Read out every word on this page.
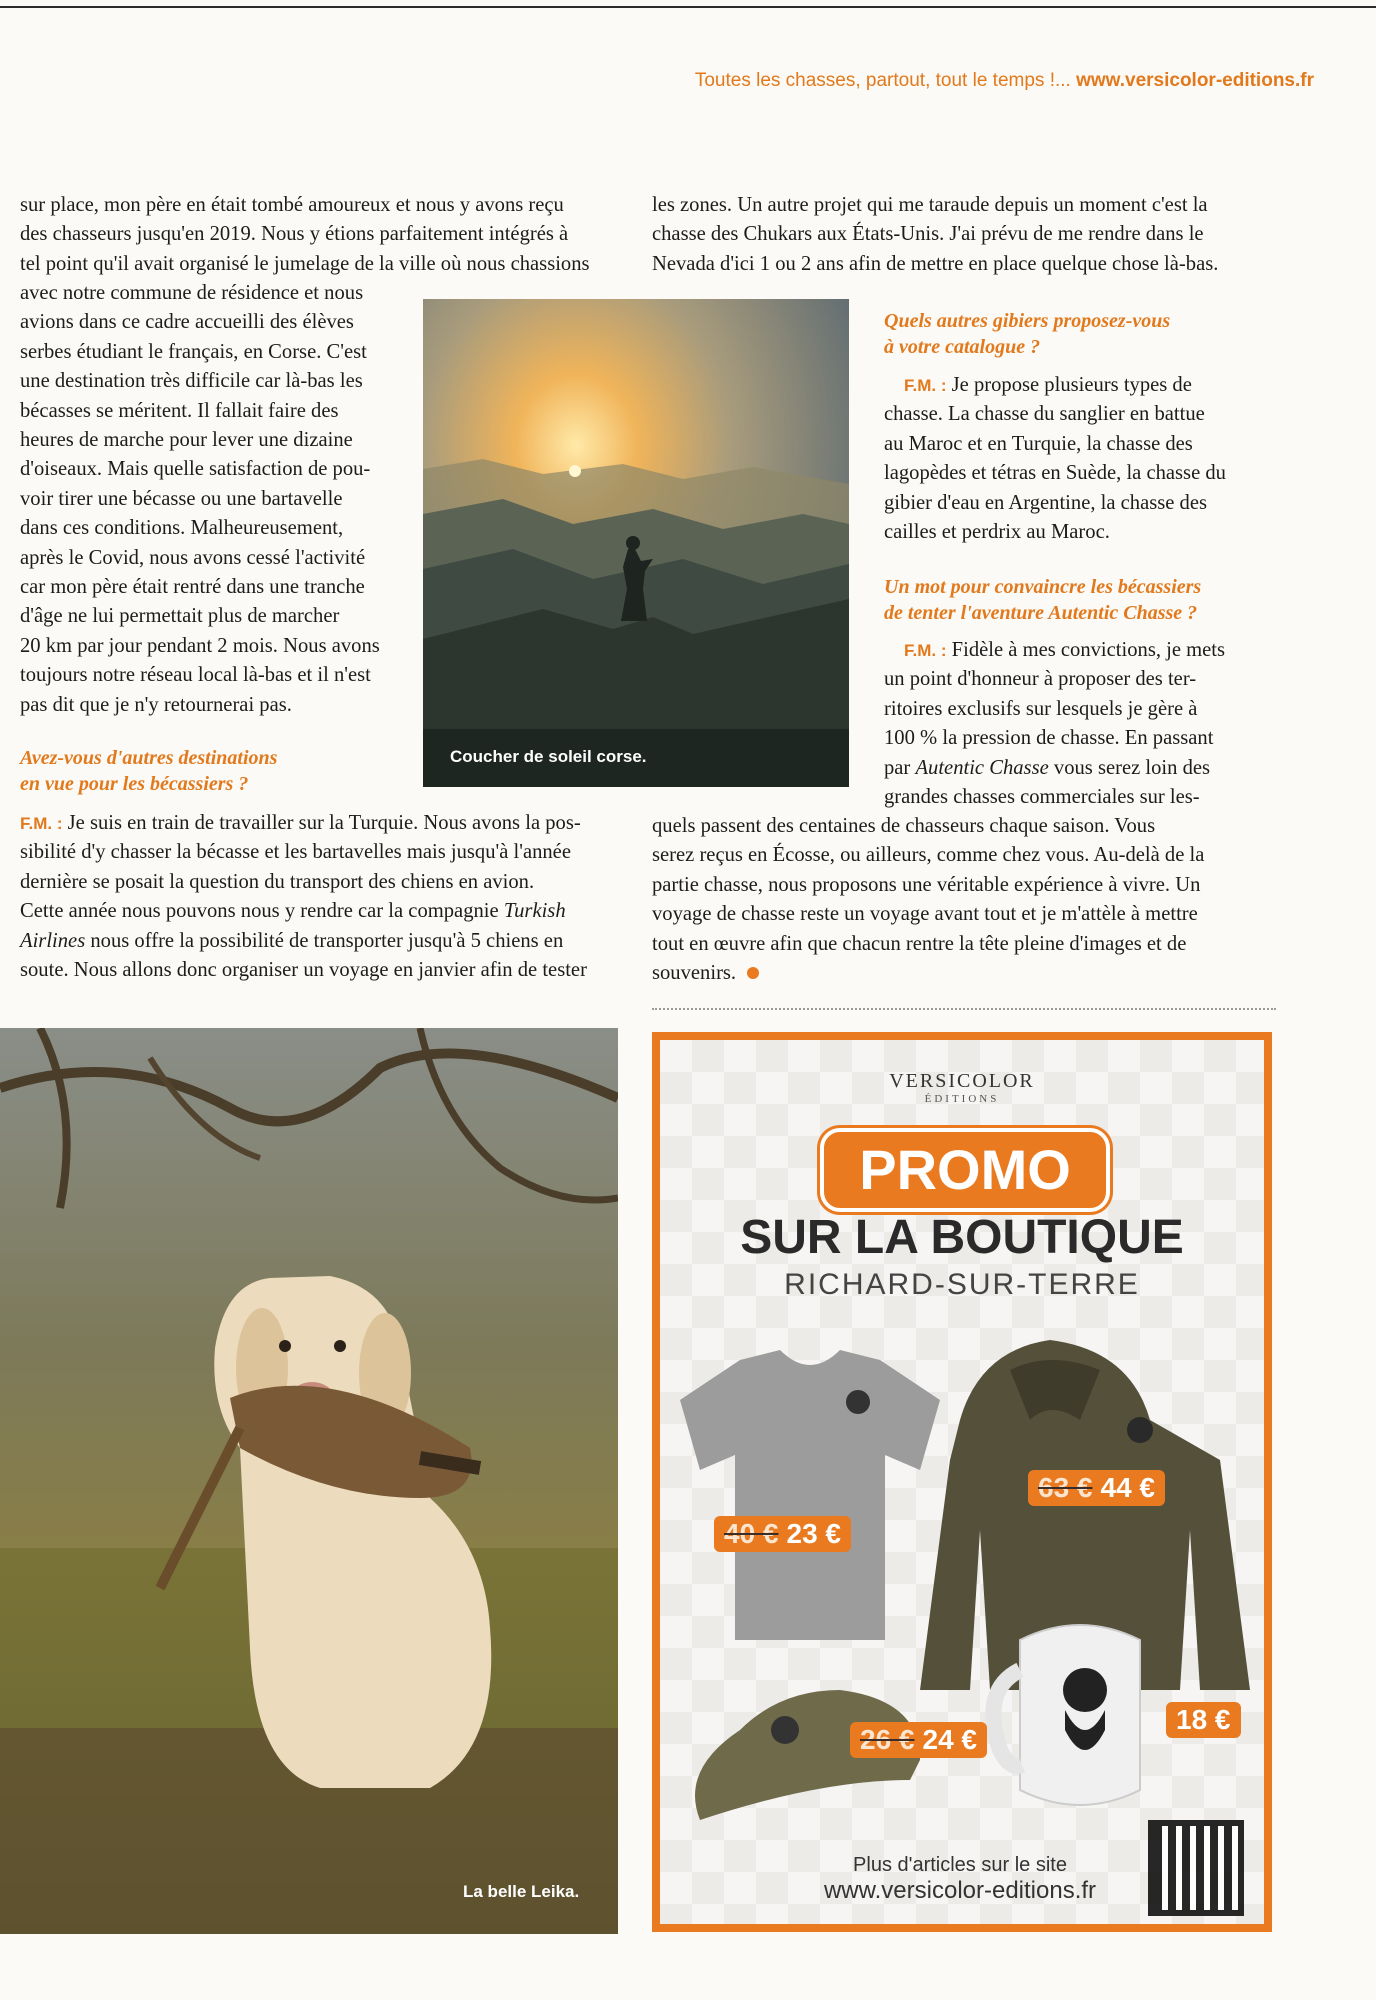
Toutes les chasses, partout, tout le temps !... www.versicolor-editions.fr
sur place, mon père en était tombé amoureux et nous y avons reçu
des chasseurs jusqu'en 2019. Nous y étions parfaitement intégrés à
tel point qu'il avait organisé le jumelage de la ville où nous chassions
avec notre commune de résidence et nous
avions dans ce cadre accueilli des élèves
serbes étudiant le français, en Corse. C'est
une destination très difficile car là-bas les
bécasses se méritent. Il fallait faire des
heures de marche pour lever une dizaine
d'oiseaux. Mais quelle satisfaction de pou-
voir tirer une bécasse ou une bartavelle
dans ces conditions. Malheureusement,
après le Covid, nous avons cessé l'activité
car mon père était rentré dans une tranche
d'âge ne lui permettait plus de marcher
20 km par jour pendant 2 mois. Nous avons
toujours notre réseau local là-bas et il n'est
pas dit que je n'y retournerai pas.
Avez-vous d'autres destinations
en vue pour les bécassiers ?
F.M. : Je suis en train de travailler sur la Turquie. Nous avons la pos-
sibilité d'y chasser la bécasse et les bartavelles mais jusqu'à l'année
dernière se posait la question du transport des chiens en avion.
Cette année nous pouvons nous y rendre car la compagnie Turkish
Airlines nous offre la possibilité de transporter jusqu'à 5 chiens en
soute. Nous allons donc organiser un voyage en janvier afin de tester
Coucher de soleil corse.
les zones. Un autre projet qui me taraude depuis un moment c'est la
chasse des Chukars aux États-Unis. J'ai prévu de me rendre dans le
Nevada d'ici 1 ou 2 ans afin de mettre en place quelque chose là-bas.
Quels autres gibiers proposez-vous
à votre catalogue ?
F.M. : Je propose plusieurs types de
chasse. La chasse du sanglier en battue
au Maroc et en Turquie, la chasse des
lagopèdes et tétras en Suède, la chasse du
gibier d'eau en Argentine, la chasse des
cailles et perdrix au Maroc.
Un mot pour convaincre les bécassiers
de tenter l'aventure Autentic Chasse ?
F.M. : Fidèle à mes convictions, je mets
un point d'honneur à proposer des ter-
ritoires exclusifs sur lesquels je gère à
100 % la pression de chasse. En passant
par Autentic Chasse vous serez loin des
grandes chasses commerciales sur les-
quels passent des centaines de chasseurs chaque saison. Vous
serez reçus en Écosse, ou ailleurs, comme chez vous. Au-delà de la
partie chasse, nous proposons une véritable expérience à vivre. Un
voyage de chasse reste un voyage avant tout et je m'attèle à mettre
tout en œuvre afin que chacun rentre la tête pleine d'images et de
souvenirs.
La belle Leika.
VERSICOLOR
ÉDITIONS
PROMO
SUR LA BOUTIQUE
RICHARD-SUR-TERRE
40 € 23 €
63 € 44 €
26 € 24 €
18 €
Plus d'articles sur le site
www.versicolor-editions.fr
